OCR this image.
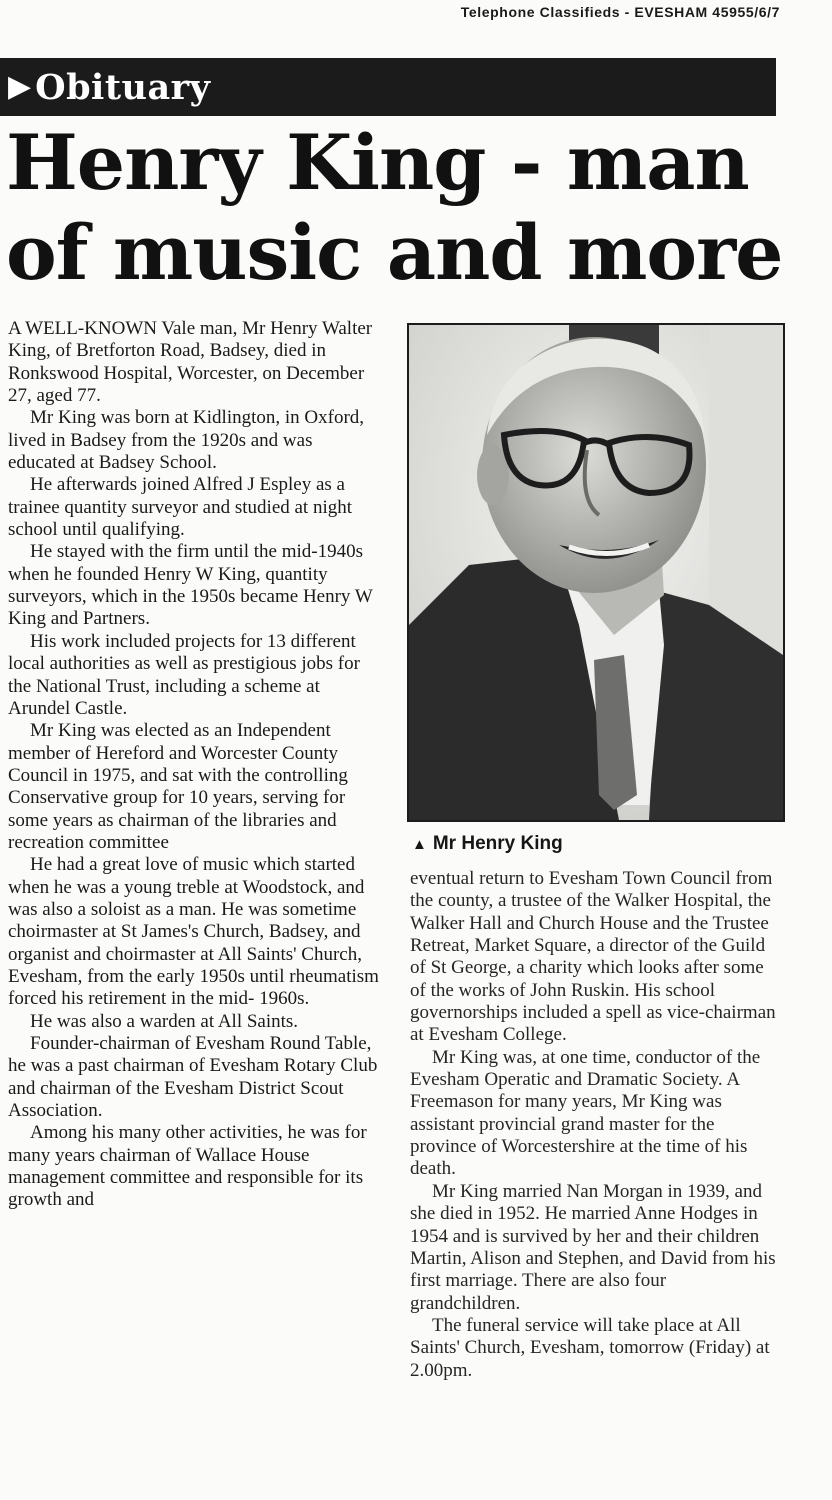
Telephone Classifieds - EVESHAM 45955/6/7
▶ Obituary
Henry King - man of music and more

A WELL-KNOWN Vale man, Mr Henry Walter King, of Bretforton Road, Badsey, died in Ronkswood Hospital, Worcester, on December 27, aged 77.

Mr King was born at Kidlington, in Oxford, lived in Badsey from the 1920s and was educated at Badsey School.

He afterwards joined Alfred J Espley as a trainee quantity surveyor and studied at night school until qualifying.

He stayed with the firm until the mid-1940s when he founded Henry W King, quantity surveyors, which in the 1950s became Henry W King and Partners.

His work included projects for 13 different local authorities as well as prestigious jobs for the National Trust, including a scheme at Arundel Castle.

Mr King was elected as an Independent member of Hereford and Worcester County Council in 1975, and sat with the controlling Conservative group for 10 years, serving for some years as chairman of the libraries and recreation committee

He had a great love of music which started when he was a young treble at Woodstock, and was also a soloist as a man. He was sometime choirmaster at St James's Church, Badsey, and organist and choirmaster at All Saints' Church, Evesham, from the early 1950s until rheumatism forced his retirement in the mid- 1960s.

He was also a warden at All Saints.

Founder-chairman of Evesham Round Table, he was a past chairman of Evesham Rotary Club and chairman of the Evesham District Scout Association.

Among his many other activities, he was for many years chairman of Wallace House management committee and responsible for its growth and

▲ Mr Henry King

eventual return to Evesham Town Council from the county, a trustee of the Walker Hospital, the Walker Hall and Church House and the Trustee Retreat, Market Square, a director of the Guild of St George, a charity which looks after some of the works of John Ruskin. His school governorships included a spell as vice-chairman at Evesham College.

Mr King was, at one time, conductor of the Evesham Operatic and Dramatic Society. A Freemason for many years, Mr King was assistant provincial grand master for the province of Worcestershire at the time of his death.

Mr King married Nan Morgan in 1939, and she died in 1952. He married Anne Hodges in 1954 and is survived by her and their children Martin, Alison and Stephen, and David from his first marriage. There are also four grandchildren.

The funeral service will take place at All Saints' Church, Evesham, tomorrow (Friday) at 2.00pm.
